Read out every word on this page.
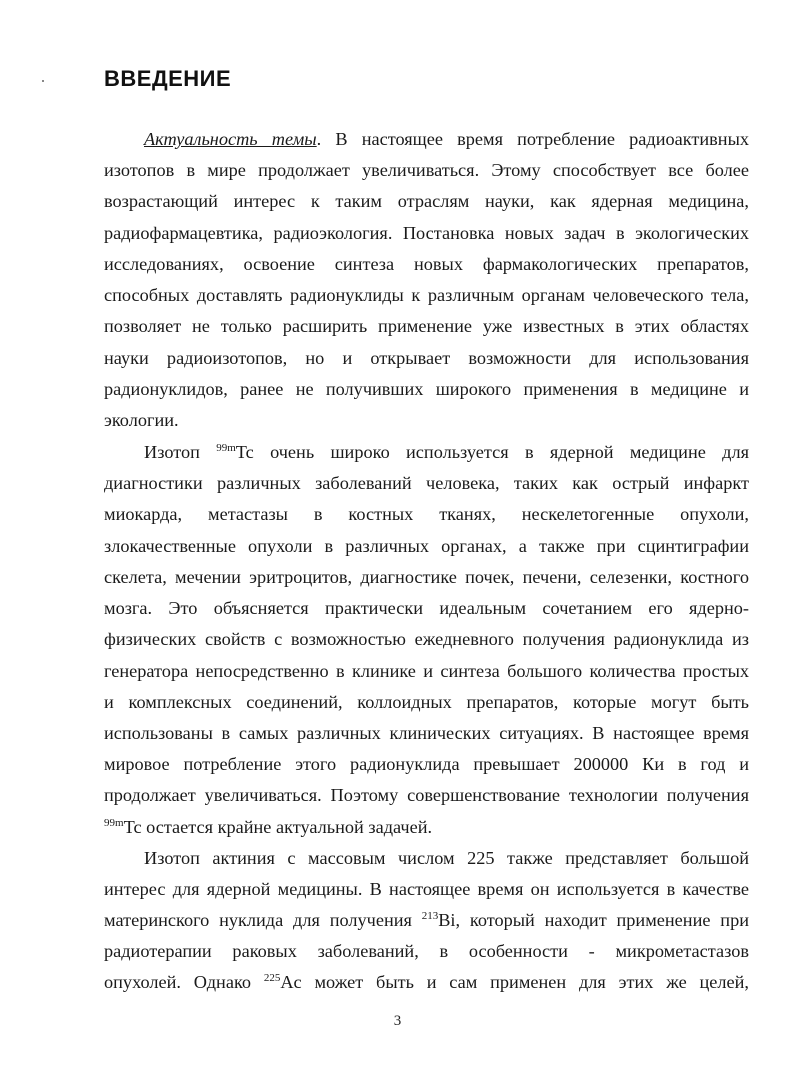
ВВЕДЕНИЕ
Актуальность темы. В настоящее время потребление радиоактивных
изотопов в мире продолжает увеличиваться. Этому способствует все более
возрастающий интерес к таким отраслям науки, как ядерная медицина,
радиофармацевтика, радиоэкология. Постановка новых задач в экологических
исследованиях, освоение синтеза новых фармакологических препаратов,
способных доставлять радионуклиды к различным органам человеческого тела,
позволяет не только расширить применение уже известных в этих областях
науки радиоизотопов, но и открывает возможности для использования
радионуклидов, ранее не получивших широкого применения в медицине и
экологии.
Изотоп $^{99m}$Tc очень широко используется в ядерной медицине для
диагностики различных заболеваний человека, таких как острый инфаркт
миокарда, метастазы в костных тканях, нескелетогенные опухоли,
злокачественные опухоли в различных органах, а также при сцинтиграфии
скелета, мечении эритроцитов, диагностике почек, печени, селезенки, костного
мозга. Это объясняется практически идеальным сочетанием его ядерно-
физических свойств с возможностью ежедневного получения радионуклида из
генератора непосредственно в клинике и синтеза большого количества простых
и комплексных соединений, коллоидных препаратов, которые могут быть
использованы в самых различных клинических ситуациях. В настоящее время
мировое потребление этого радионуклида превышает 200000 Ки в год и
продолжает увеличиваться. Поэтому совершенствование технологии получения
$^{99m}$Tc остается крайне актуальной задачей.
Изотоп актиния с массовым числом 225 также представляет большой
интерес для ядерной медицины. В настоящее время он используется в качестве
материнского нуклида для получения $^{213}$Bi, который находит применение при
радиотерапии раковых заболеваний, в особенности - микрометастазов
опухолей. Однако $^{225}$Ac может быть и сам применен для этих же целей,
3
